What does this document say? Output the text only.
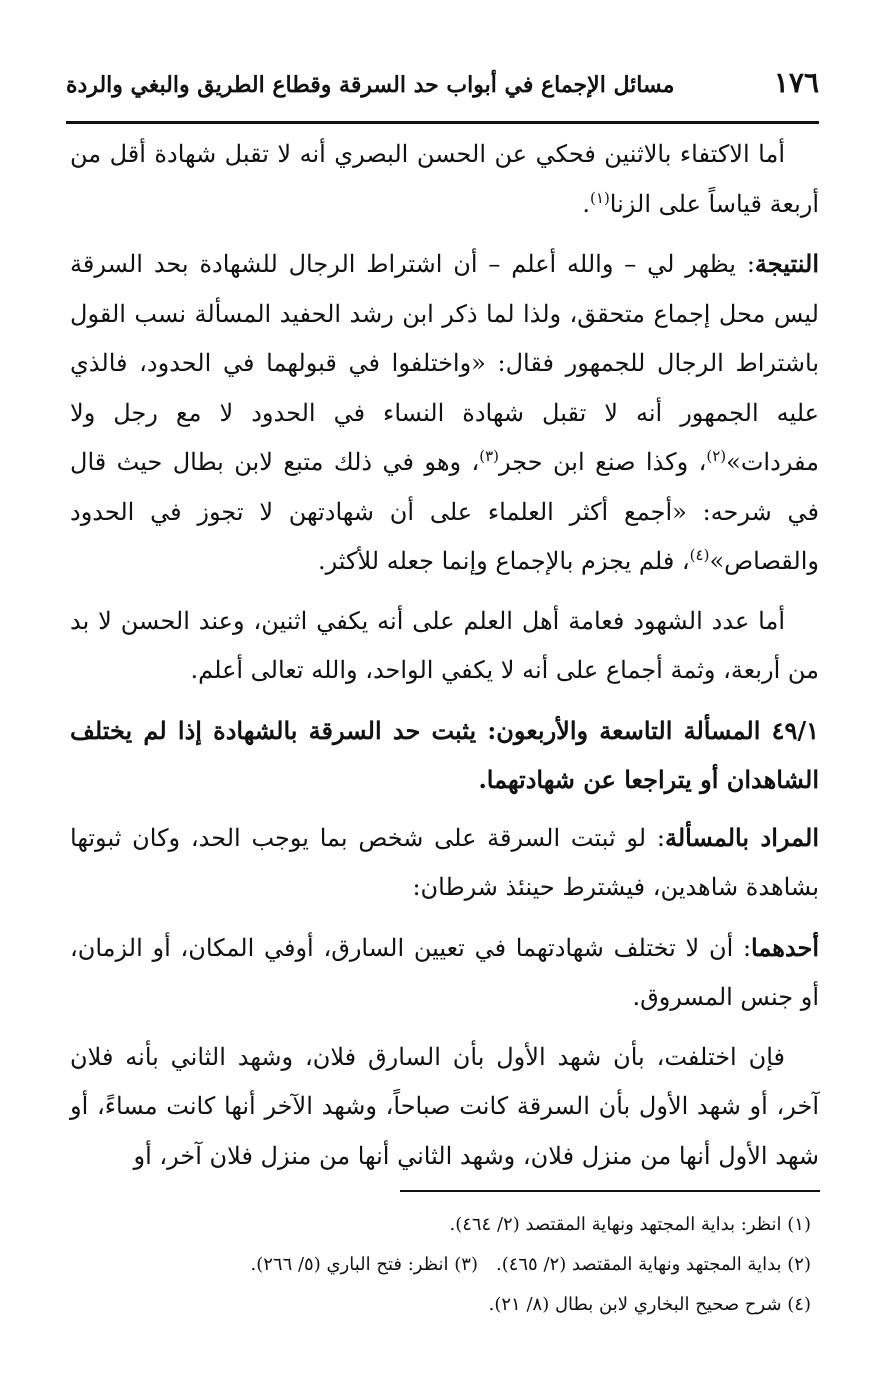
١٧٦
مسائل الإجماع في أبواب حد السرقة وقطاع الطريق والبغي والردة

أما الاكتفاء بالاثنين فحكي عن الحسن البصري أنه لا تقبل شهادة أقل من أربعة قياساً على الزنا$^{(١)}$.

النتيجة: يظهر لي – والله أعلم – أن اشتراط الرجال للشهادة بحد السرقة ليس محل إجماع متحقق، ولذا لما ذكر ابن رشد الحفيد المسألة نسب القول باشتراط الرجال للجمهور فقال: «واختلفوا في قبولهما في الحدود، فالذي عليه الجمهور أنه لا تقبل شهادة النساء في الحدود لا مع رجل ولا مفردات»$^{(٢)}$، وكذا صنع ابن حجر$^{(٣)}$، وهو في ذلك متبع لابن بطال حيث قال في شرحه: «أجمع أكثر العلماء على أن شهادتهن لا تجوز في الحدود والقصاص»$^{(٤)}$، فلم يجزم بالإجماع وإنما جعله للأكثر.

أما عدد الشهود فعامة أهل العلم على أنه يكفي اثنين، وعند الحسن لا بد من أربعة، وثمة أجماع على أنه لا يكفي الواحد، والله تعالى أعلم.

٤٩/١ المسألة التاسعة والأربعون: يثبت حد السرقة بالشهادة إذا لم يختلف الشاهدان أو يتراجعا عن شهادتهما.

المراد بالمسألة: لو ثبتت السرقة على شخص بما يوجب الحد، وكان ثبوتها بشاهدة شاهدين، فيشترط حينئذ شرطان:

أحدهما: أن لا تختلف شهادتهما في تعيين السارق، أوفي المكان، أو الزمان، أو جنس المسروق.

فإن اختلفت، بأن شهد الأول بأن السارق فلان، وشهد الثاني بأنه فلان آخر، أو شهد الأول بأن السرقة كانت صباحاً، وشهد الآخر أنها كانت مساءً، أو شهد الأول أنها من منزل فلان، وشهد الثاني أنها من منزل فلان آخر، أو

(١) انظر: بداية المجتهد ونهاية المقتصد (٢/ ٤٦٤).

(٢) بداية المجتهد ونهاية المقتصد (٢/ ٤٦٥).(٣) انظر: فتح الباري (٥/ ٢٦٦).

(٤) شرح صحيح البخاري لابن بطال (٨/ ٢١).
